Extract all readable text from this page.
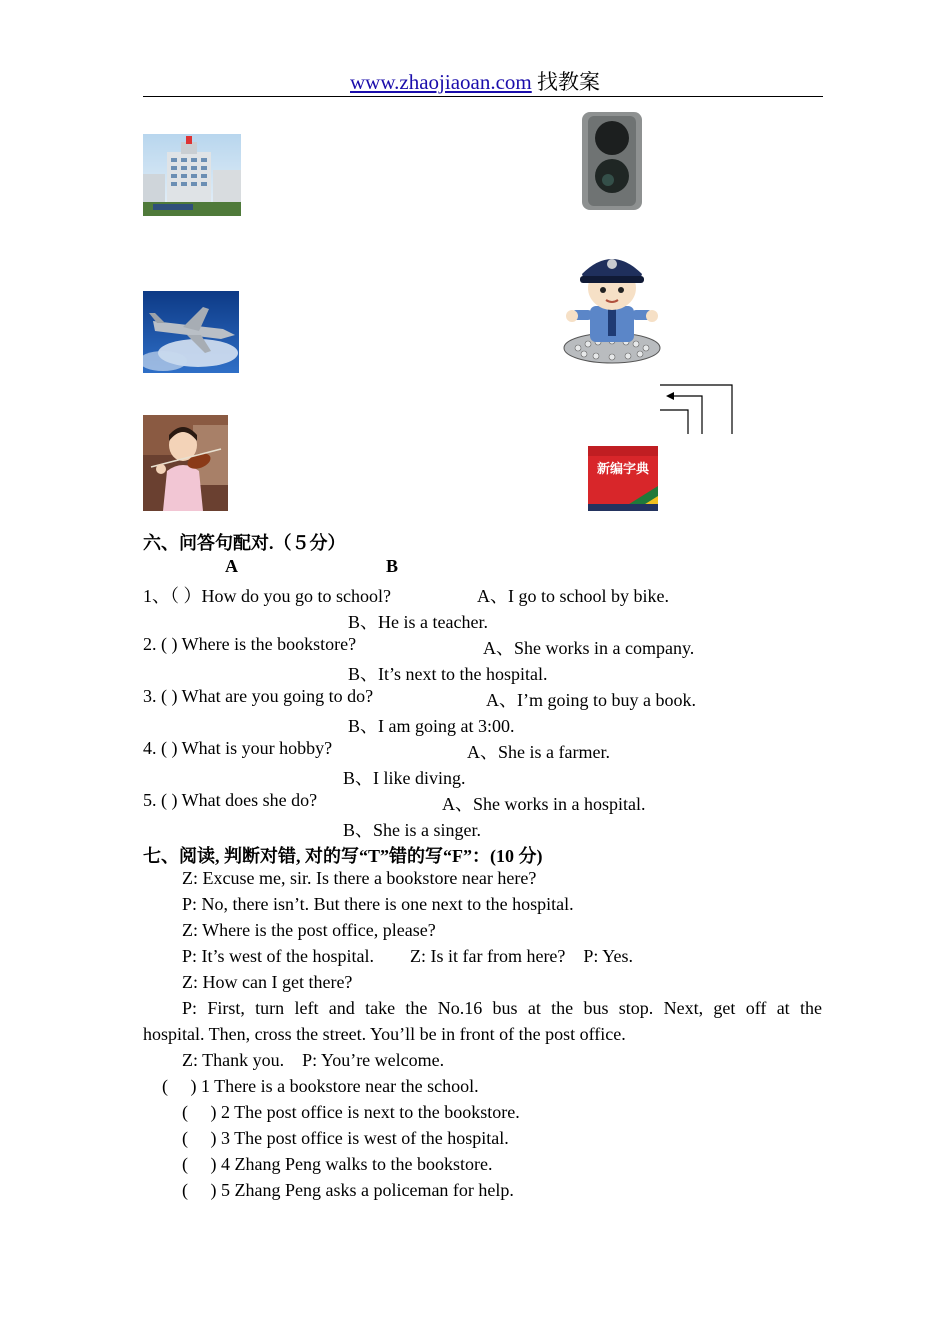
www.zhaojiaoan.com 找教案
新编字典
六、问答句配对.（５分）
A	B
1、（ ）How do you go to school?	A、I go to school by bike.
B、He is a teacher.
2. ( ) Where is the bookstore?	A、She works in a company.
B、It’s next to the hospital.
3. ( ) What are you going to do?	A、I’m going to buy a book.
B、I am going at 3:00.
4. ( ) What is your hobby?	A、She is a farmer.
B、I like diving.
5. ( ) What does she do?	A、She works in a hospital.
B、She is a singer.
七、阅读, 判断对错, 对的写“T”错的写“F”：(10 分)
Z: Excuse me, sir. Is there a bookstore near here?
P: No, there isn’t. But there is one next to the hospital.
Z: Where is the post office, please?
P: It’s west of the hospital.        Z: Is it far from here?    P: Yes.
Z: How can I get there?
P: First, turn left and take the No.16 bus at the bus stop. Next, get off at the
hospital. Then, cross the street. You’ll be in front of the post office.
Z: Thank you.    P: You’re welcome.
(     ) 1 There is a bookstore near the school.
(     ) 2 The post office is next to the bookstore.
(     ) 3 The post office is west of the hospital.
(     ) 4 Zhang Peng walks to the bookstore.
(     ) 5 Zhang Peng asks a policeman for help.
